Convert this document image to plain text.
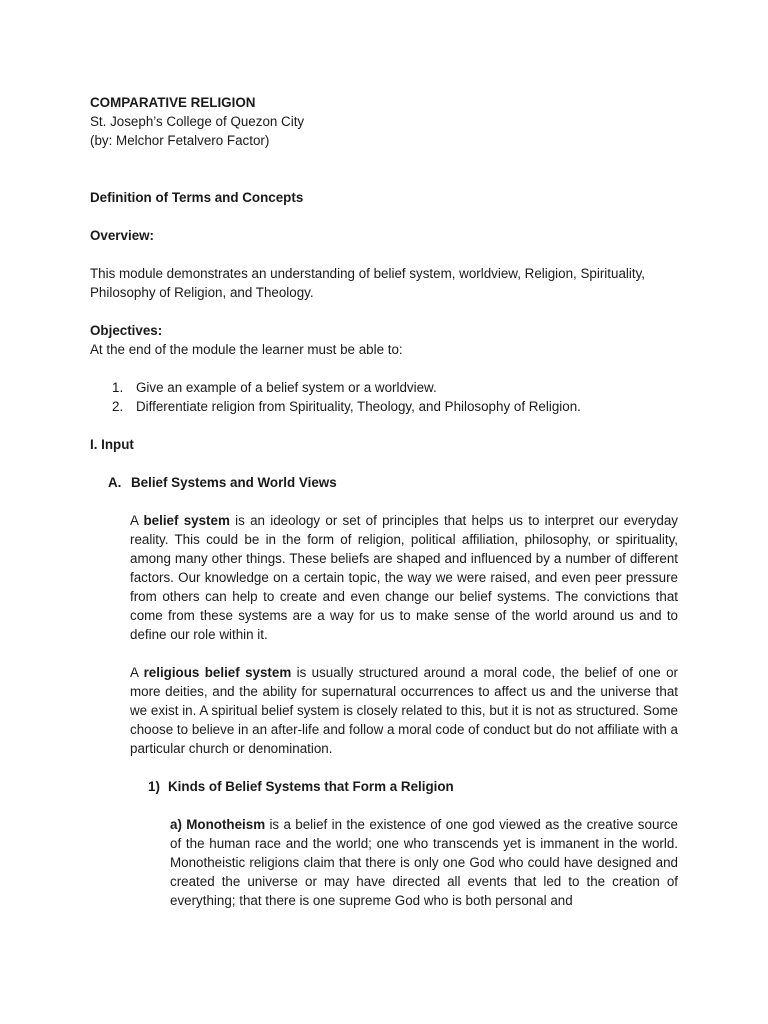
COMPARATIVE RELIGION

St. Joseph’s College of Quezon City

(by: Melchor Fetalvero Factor)

Definition of Terms and Concepts

Overview:

This module demonstrates an understanding of belief system, worldview, Religion, Spirituality, Philosophy of Religion, and Theology.

Objectives:

At the end of the module the learner must be able to:

1. Give an example of a belief system or a worldview.
2. Differentiate religion from Spirituality, Theology, and Philosophy of Religion.

I. Input

A. Belief Systems and World Views

A belief system is an ideology or set of principles that helps us to interpret our everyday reality. This could be in the form of religion, political affiliation, philosophy, or spirituality, among many other things. These beliefs are shaped and influenced by a number of different factors. Our knowledge on a certain topic, the way we were raised, and even peer pressure from others can help to create and even change our belief systems. The convictions that come from these systems are a way for us to make sense of the world around us and to define our role within it.

A religious belief system is usually structured around a moral code, the belief of one or more deities, and the ability for supernatural occurrences to affect us and the universe that we exist in. A spiritual belief system is closely related to this, but it is not as structured. Some choose to believe in an after-life and follow a moral code of conduct but do not affiliate with a particular church or denomination.

1) Kinds of Belief Systems that Form a Religion

a) Monotheism is a belief in the existence of one god viewed as the creative source of the human race and the world; one who transcends yet is immanent in the world. Monotheistic religions claim that there is only one God who could have designed and created the universe or may have directed all events that led to the creation of everything; that there is one supreme God who is both personal and
